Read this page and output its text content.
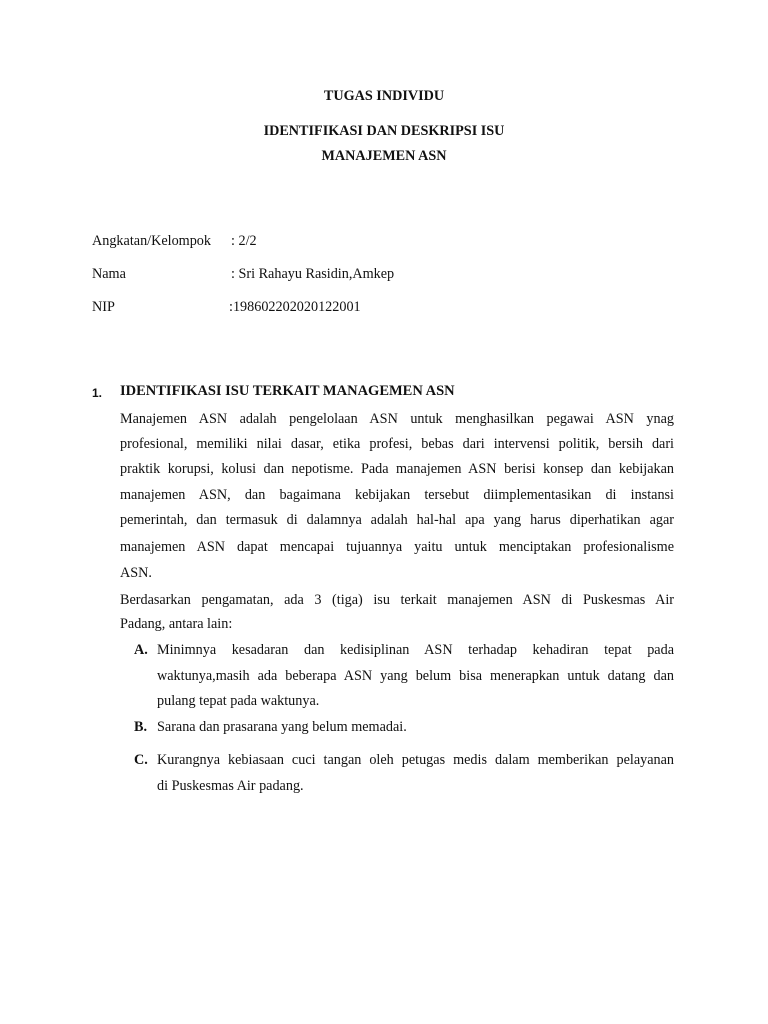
TUGAS INDIVIDU
IDENTIFIKASI DAN DESKRIPSI ISU
MANAJEMEN ASN
Angkatan/Kelompok : 2/2
Nama	: Sri Rahayu Rasidin,Amkep
NIP	:198602202020122001
1. IDENTIFIKASI ISU TERKAIT MANAGEMEN ASN
Manajemen ASN adalah pengelolaan ASN untuk menghasilkan pegawai ASN ynag
profesional, memiliki nilai dasar, etika profesi, bebas dari intervensi politik, bersih dari
praktik korupsi, kolusi dan nepotisme. Pada manajemen ASN berisi konsep dan kebijakan
manajemen ASN, dan bagaimana kebijakan tersebut diimplementasikan di instansi
pemerintah, dan termasuk di dalamnya adalah hal-hal apa yang harus diperhatikan agar
manajemen ASN dapat mencapai tujuannya yaitu untuk menciptakan profesionalisme
ASN.
Berdasarkan pengamatan, ada 3 (tiga) isu terkait manajemen ASN di Puskesmas Air
Padang, antara lain:
A. Minimnya kesadaran dan kedisiplinan ASN terhadap kehadiran tepat pada
waktunya,masih ada beberapa ASN yang belum bisa menerapkan untuk datang dan
pulang tepat pada waktunya.
B. Sarana dan prasarana yang belum memadai.
C. Kurangnya kebiasaan cuci tangan oleh petugas medis dalam memberikan pelayanan
di Puskesmas Air padang.
